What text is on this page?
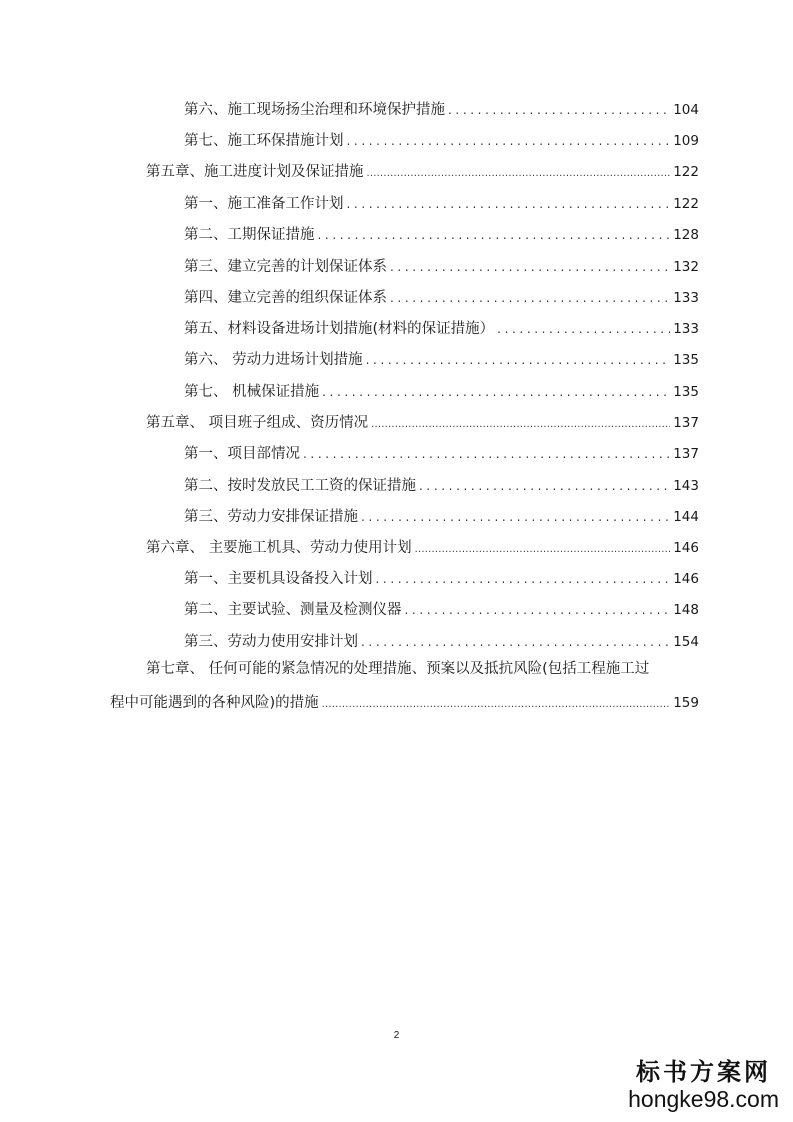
第六、施工现场扬尘治理和环境保护措施 .....	104
第七、施工环保措施计划 .....	109
第五章、施工进度计划及保证措施 .....	122
第一、施工准备工作计划 .....	122
第二、工期保证措施 .....	128
第三、建立完善的计划保证体系 .....	132
第四、建立完善的组织保证体系 .....	133
第五、材料设备进场计划措施(材料的保证措施） .....	133
第六、 劳动力进场计划措施 .....	135
第七、 机械保证措施 .....	135
第五章、 项目班子组成、资历情况 .....	137
第一、项目部情况 .....	137
第二、按时发放民工工资的保证措施 .....	143
第三、劳动力安排保证措施 .....	144
第六章、 主要施工机具、劳动力使用计划 .....	146
第一、主要机具设备投入计划 .....	146
第二、主要试验、测量及检测仪器 .....	148
第三、劳动力使用安排计划 .....	154
第七章、 任何可能的紧急情况的处理措施、预案以及抵抗风险(包括工程施工过
程中可能遇到的各种风险)的措施 .....	159
2
标书方案网
hongke98.com
